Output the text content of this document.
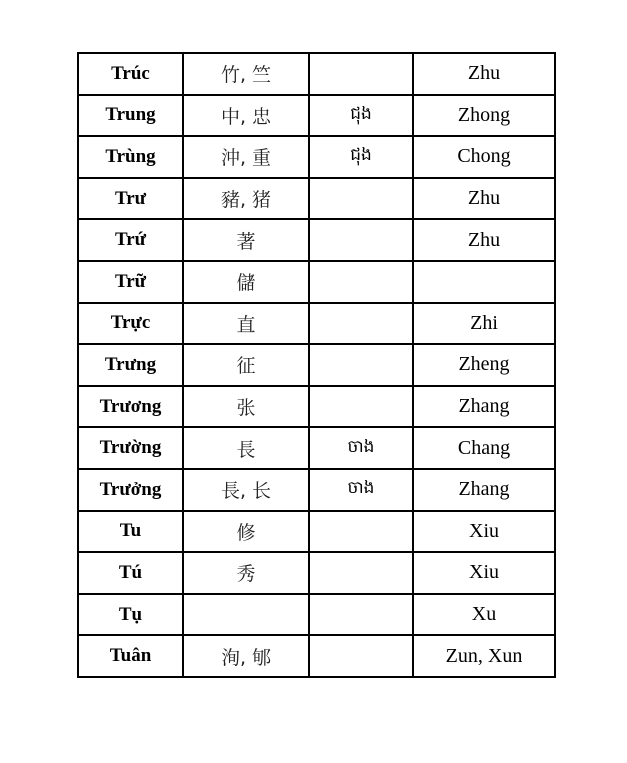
Trúc	竹, 竺		Zhu
Trung	中, 忠	ជុង	Zhong
Trùng	沖, 重	ជុង	Chong
Trư	豬, 猪		Zhu
Trứ	著		Zhu
Trữ	儲		
Trực	直		Zhi
Trưng	征		Zheng
Trương	张		Zhang
Trường	長	ចាង	Chang
Trưởng	長, 长	ចាង	Zhang
Tu	修		Xiu
Tú	秀		Xiu
Tụ			Xu
Tuân	洵, 郇		Zun, Xun
